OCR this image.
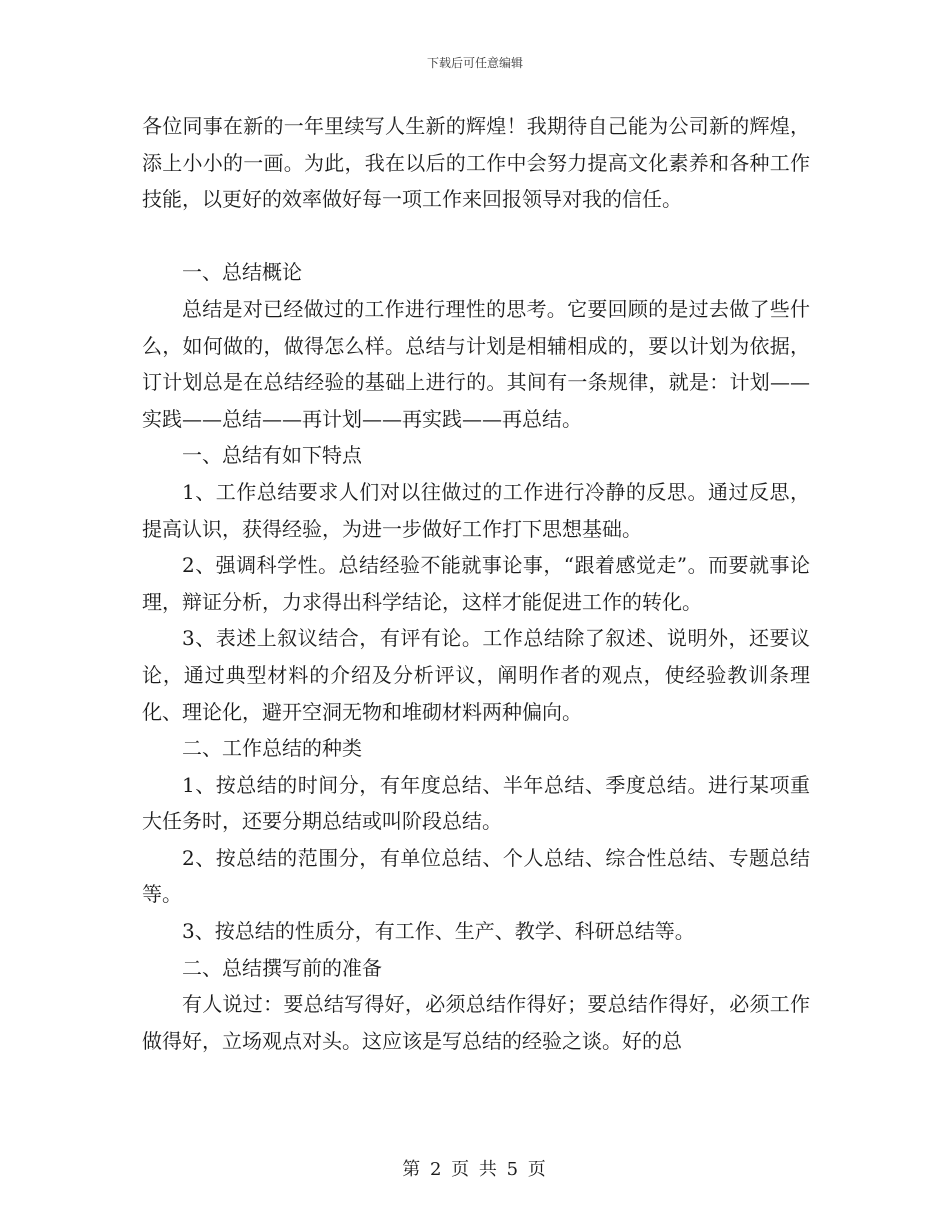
下载后可任意编辑

各位同事在新的一年里续写人生新的辉煌！我期待自己能为公司新的辉煌，添上小小的一画。为此，我在以后的工作中会努力提高文化素养和各种工作技能，以更好的效率做好每一项工作来回报领导对我的信任。

一、总结概论

总结是对已经做过的工作进行理性的思考。它要回顾的是过去做了些什么，如何做的，做得怎么样。总结与计划是相辅相成的，要以计划为依据，订计划总是在总结经验的基础上进行的。其间有一条规律，就是：计划——实践——总结——再计划——再实践——再总结。

一、总结有如下特点

1、工作总结要求人们对以往做过的工作进行冷静的反思。通过反思，提高认识，获得经验，为进一步做好工作打下思想基础。

2、强调科学性。总结经验不能就事论事，“跟着感觉走”。而要就事论理，辩证分析，力求得出科学结论，这样才能促进工作的转化。

3、表述上叙议结合，有评有论。工作总结除了叙述、说明外，还要议论，通过典型材料的介绍及分析评议，阐明作者的观点，使经验教训条理化、理论化，避开空洞无物和堆砌材料两种偏向。

二、工作总结的种类

1、按总结的时间分，有年度总结、半年总结、季度总结。进行某项重大任务时，还要分期总结或叫阶段总结。

2、按总结的范围分，有单位总结、个人总结、综合性总结、专题总结等。

3、按总结的性质分，有工作、生产、教学、科研总结等。

二、总结撰写前的准备

有人说过：要总结写得好，必须总结作得好；要总结作得好，必须工作做得好，立场观点对头。这应该是写总结的经验之谈。好的总

第 2 页 共 5 页
